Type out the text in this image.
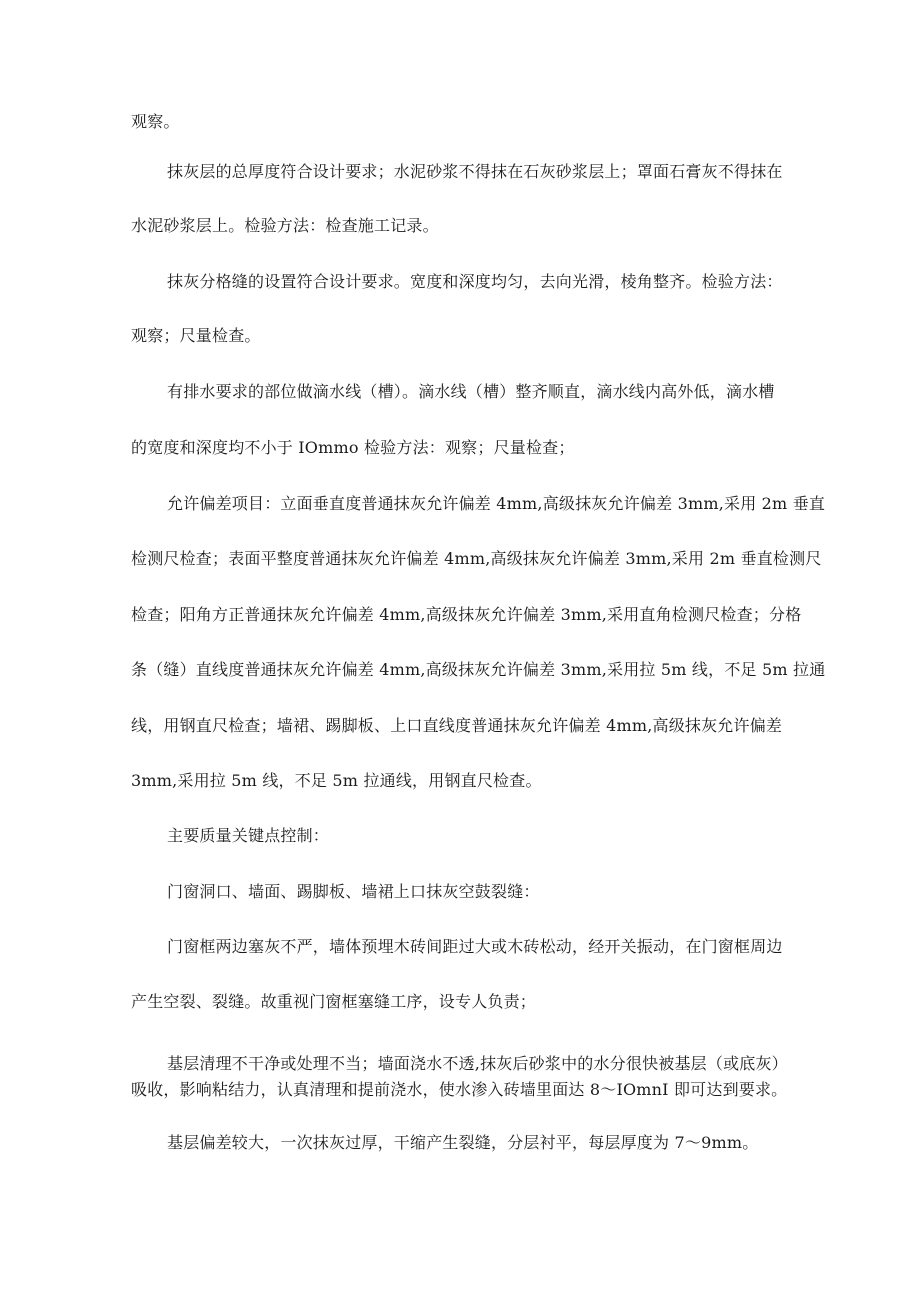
观察。
抹灰层的总厚度符合设计要求；水泥砂浆不得抹在石灰砂浆层上；罩面石膏灰不得抹在
水泥砂浆层上。检验方法：检查施工记录。
抹灰分格缝的设置符合设计要求。宽度和深度均匀，去向光滑，棱角整齐。检验方法：
观察；尺量检查。
有排水要求的部位做滴水线（槽）。滴水线（槽）整齐顺直，滴水线内高外低，滴水槽
的宽度和深度均不小于 IOmmo 检验方法：观察；尺量检查；
允许偏差项目：立面垂直度普通抹灰允许偏差 4mm,高级抹灰允许偏差 3mm,采用 2m 垂直
检测尺检查；表面平整度普通抹灰允许偏差 4mm,高级抹灰允许偏差 3mm,采用 2m 垂直检测尺
检查；阳角方正普通抹灰允许偏差 4mm,高级抹灰允许偏差 3mm,采用直角检测尺检查；分格
条（缝）直线度普通抹灰允许偏差 4mm,高级抹灰允许偏差 3mm,采用拉 5m 线，不足 5m 拉通
线，用钢直尺检查；墙裙、踢脚板、上口直线度普通抹灰允许偏差 4mm,高级抹灰允许偏差
3mm,采用拉 5m 线，不足 5m 拉通线，用钢直尺检查。
主要质量关键点控制：
门窗洞口、墙面、踢脚板、墙裙上口抹灰空鼓裂缝：
门窗框两边塞灰不严，墙体预埋木砖间距过大或木砖松动，经开关振动，在门窗框周边
产生空裂、裂缝。故重视门窗框塞缝工序，设专人负责；
基层清理不干净或处理不当；墙面浇水不透,抹灰后砂浆中的水分很快被基层（或底灰）
吸收，影响粘结力，认真清理和提前浇水，使水渗入砖墙里面达 8～IOmnI 即可达到要求。
基层偏差较大，一次抹灰过厚，干缩产生裂缝，分层衬平，每层厚度为 7～9mm。
